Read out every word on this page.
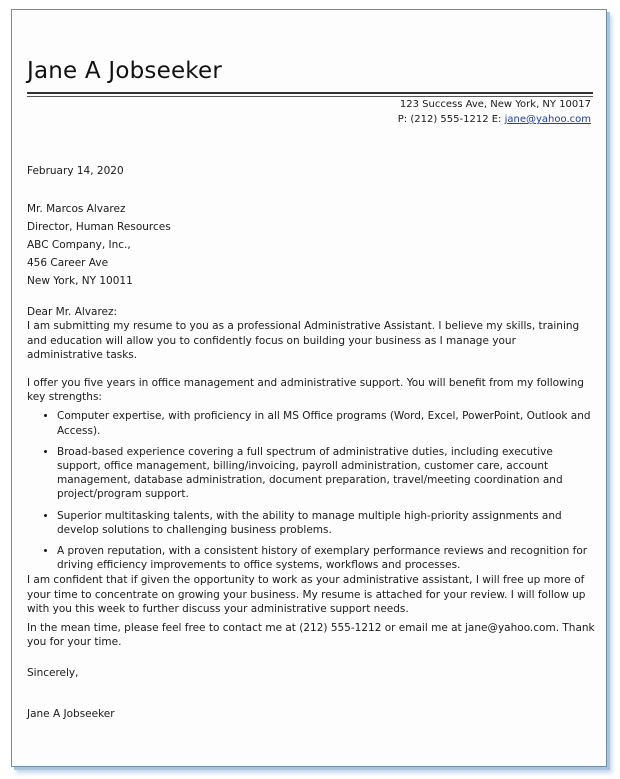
Jane A Jobseeker
123 Success Ave, New York, NY 10017
P: (212) 555-1212 E: jane@yahoo.com

February 14, 2020

Mr. Marcos Alvarez

Director, Human Resources

ABC Company, Inc.,

456 Career Ave

New York, NY 10011

Dear Mr. Alvarez:

I am submitting my resume to you as a professional Administrative Assistant. I believe my skills, training and education will allow you to confidently focus on building your business as I manage your administrative tasks.

I offer you five years in office management and administrative support. You will benefit from my following key strengths:

• Computer expertise, with proficiency in all MS Office programs (Word, Excel, PowerPoint, Outlook and Access).
• Broad-based experience covering a full spectrum of administrative duties, including executive support, office management, billing/invoicing, payroll administration, customer care, account management, database administration, document preparation, travel/meeting coordination and project/program support.
• Superior multitasking talents, with the ability to manage multiple high-priority assignments and develop solutions to challenging business problems.
• A proven reputation, with a consistent history of exemplary performance reviews and recognition for driving efficiency improvements to office systems, workflows and processes.

I am confident that if given the opportunity to work as your administrative assistant, I will free up more of your time to concentrate on growing your business. My resume is attached for your review. I will follow up with you this week to further discuss your administrative support needs.

In the mean time, please feel free to contact me at (212) 555-1212 or email me at jane@yahoo.com. Thank you for your time.

Sincerely,

Jane A Jobseeker
